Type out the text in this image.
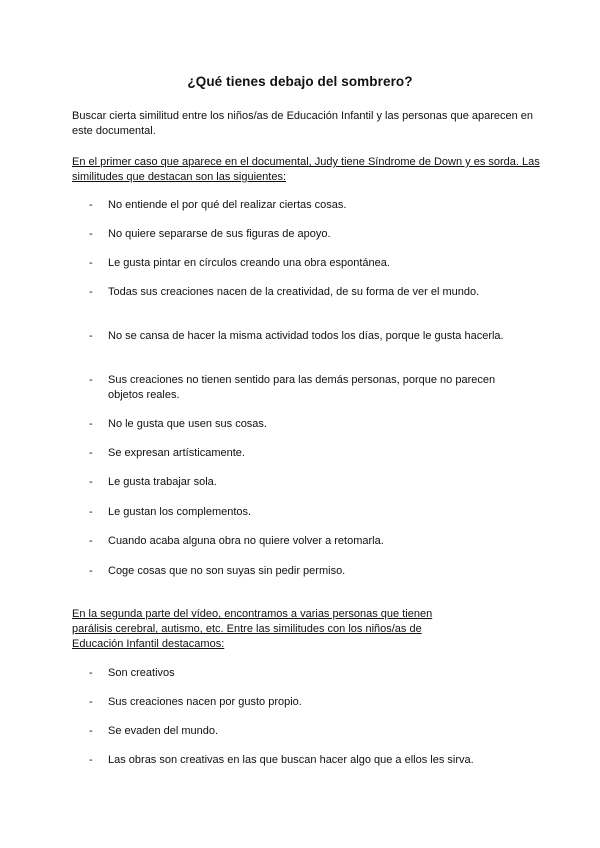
¿Qué tienes debajo del sombrero?
Buscar cierta similitud entre los niños/as de Educación Infantil y las personas que aparecen en este documental.
En el primer caso que aparece en el documental, Judy tiene Síndrome de Down y es sorda. Las similitudes que destacan son las siguientes:
- No entiende el por qué del realizar ciertas cosas.
- No quiere separarse de sus figuras de apoyo.
- Le gusta pintar en círculos creando una obra espontánea.
- Todas sus creaciones nacen de la creatividad, de su forma de ver el mundo.
- No se cansa de hacer la misma actividad todos los días, porque le gusta hacerla.
- Sus creaciones no tienen sentido para las demás personas, porque no parecen objetos reales.
- No le gusta que usen sus cosas.
- Se expresan artísticamente.
- Le gusta trabajar sola.
- Le gustan los complementos.
- Cuando acaba alguna obra no quiere volver a retomarla.
- Coge cosas que no son suyas sin pedir permiso.
En la segunda parte del vídeo, encontramos a varias personas que tienen parálisis cerebral, autismo, etc. Entre las similitudes con los niños/as de Educación Infantil destacamos:
- Son creativos
- Sus creaciones nacen por gusto propio.
- Se evaden del mundo.
- Las obras son creativas en las que buscan hacer algo que a ellos les sirva.
